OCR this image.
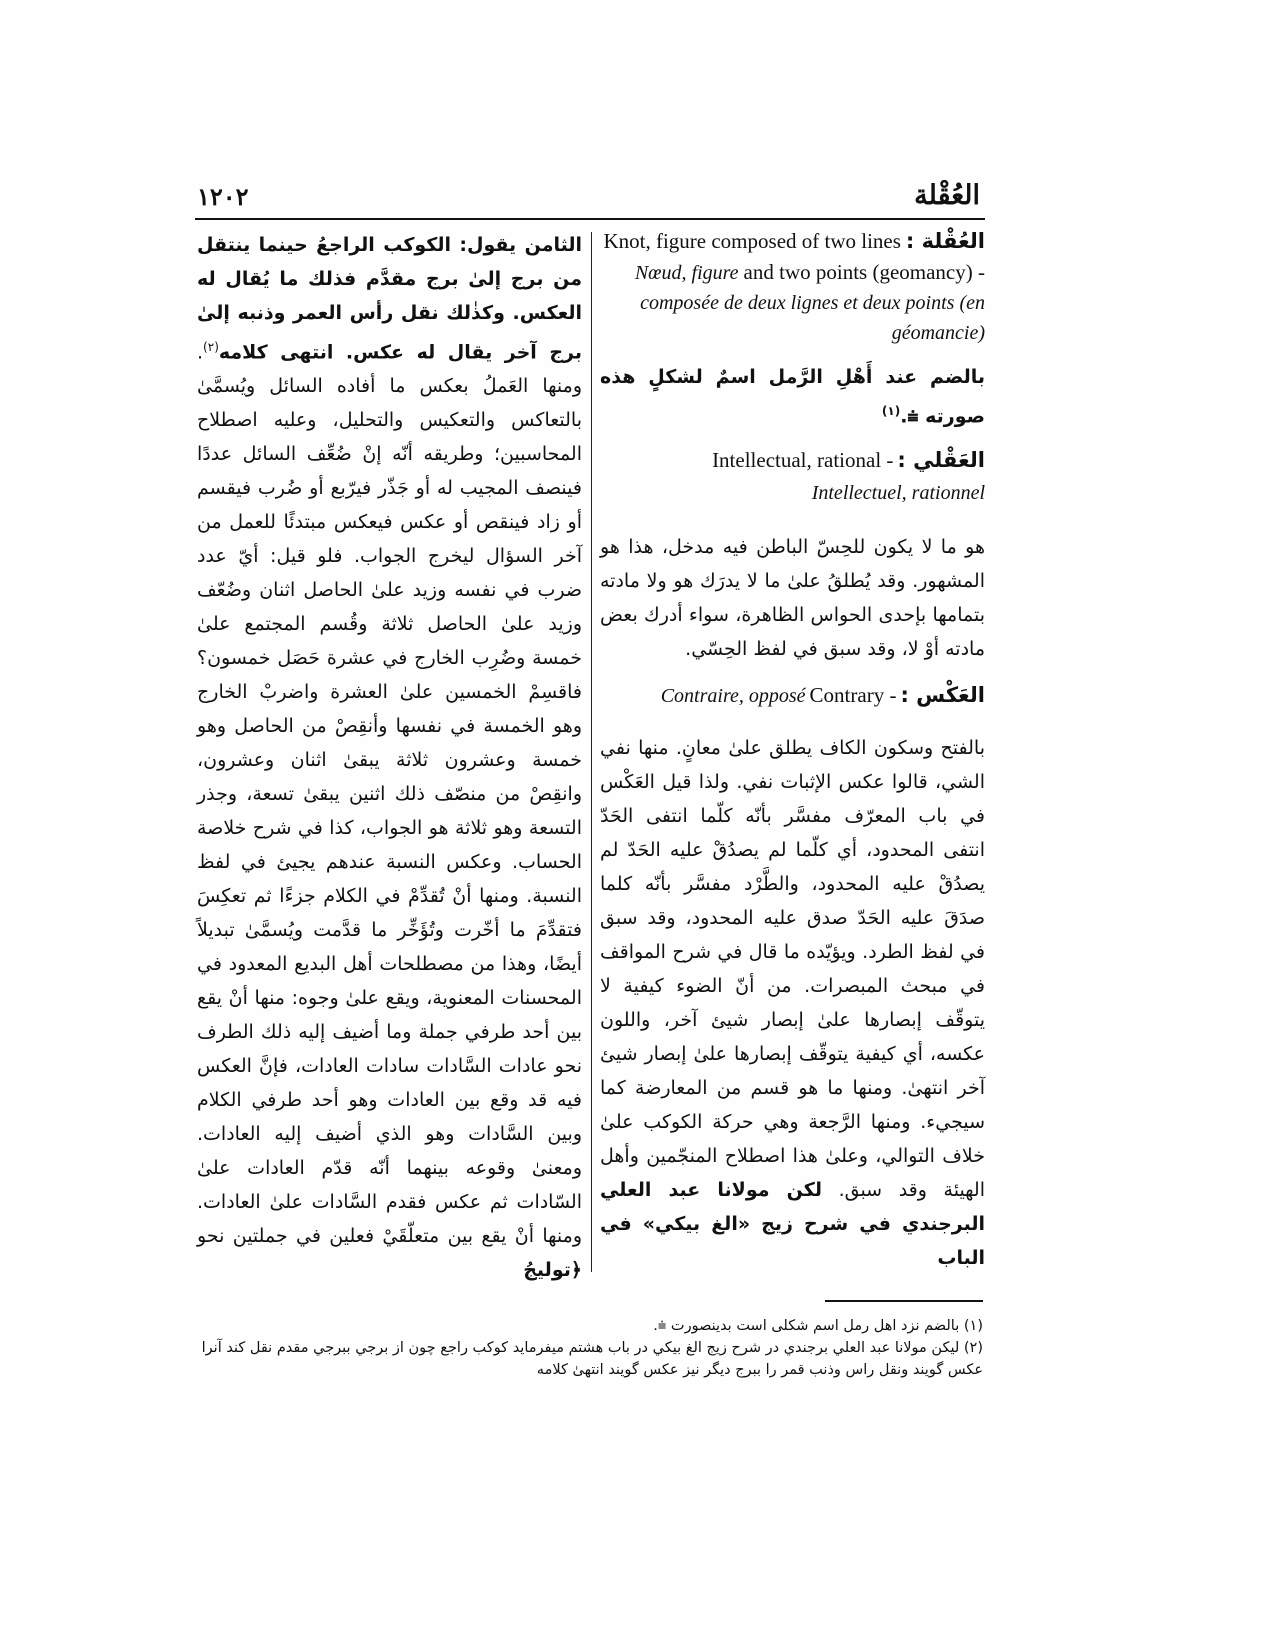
العُقْلة
١٢٠٢
العُقْلة : Knot, figure composed of two lines and two points (geomancy) - Nœud, figure composée de deux lignes et deux points (en géomancie)
بالضم عند أَهْلِ الرَّمل اسمٌ لشكلٍ هذه صورته ⩧.$^{(١)}$
العَقْلي : Intellectual, rational -
Intellectuel, rationnel
هو ما لا يكون للحِسّ الباطن فيه مدخل، هذا هو المشهور. وقد يُطلقُ علىٰ ما لا يدرَك هو ولا مادته بتمامها بإحدى الحواس الظاهرة، سواء أدرك بعض مادته أوْ لا، وقد سبق في لفظ الحِسّي.
العَكْس : Contrary - Contraire, opposé
بالفتح وسكون الكاف يطلق علىٰ معانٍ. منها نفي الشي، قالوا عكس الإثبات نفي. ولذا قيل العَكْس في باب المعرّف مفسَّر بأنّه كلّما انتفى الحَدّ انتفى المحدود، أي كلّما لم يصدُقْ عليه الحَدّ لم يصدُقْ عليه المحدود، والطَّرْد مفسَّر بأنّه كلما صدَقَ عليه الحَدّ صدق عليه المحدود، وقد سبق في لفظ الطرد. ويؤيّده ما قال في شرح المواقف في مبحث المبصرات. من أنّ الضوء كيفية لا يتوقّف إبصارها علىٰ إبصار شيئ آخر، واللون عكسه، أي كيفية يتوقّف إبصارها علىٰ إبصار شيئ آخر انتهىٰ. ومنها ما هو قسم من المعارضة كما سيجيء. ومنها الرَّجعة وهي حركة الكوكب علىٰ خلاف التوالي، وعلىٰ هذا اصطلاح المنجّمين وأهل الهيئة وقد سبق. لكن مولانا عبد العلي البرجندي في شرح زيج «الغ بيكي» في الباب
الثامن يقول: الكوكب الراجعُ حينما ينتقل من برج إلىٰ برج مقدَّم فذلك ما يُقال له العكس. وكذٰلك نقل رأس العمر وذنبه إلىٰ برج آخر يقال له عكس. انتهى كلامه$^{(٢)}$. ومنها العَملُ بعكس ما أفاده السائل ويُسمَّىٰ بالتعاكس والتعكيس والتحليل، وعليه اصطلاح المحاسبين؛ وطريقه أنّه إنْ ضُعِّف السائل عددًا فينصف المجيب له أو جَذّر فيرّبع أو ضُرب فيقسم أو زاد فينقص أو عكس فيعكس مبتدئًا للعمل من آخر السؤال ليخرج الجواب. فلو قيل: أيّ عدد ضرب في نفسه وزيد علىٰ الحاصل اثنان وضُعّف وزيد علىٰ الحاصل ثلاثة وقُسم المجتمع علىٰ خمسة وضُرِب الخارج في عشرة حَصَل خمسون؟ فاقسِمْ الخمسين علىٰ العشرة واضربْ الخارج وهو الخمسة في نفسها وأنقِصْ من الحاصل وهو خمسة وعشرون ثلاثة يبقىٰ اثنان وعشرون، وانقِصْ من منصّف ذلك اثنين يبقىٰ تسعة، وجذر التسعة وهو ثلاثة هو الجواب، كذا في شرح خلاصة الحساب. وعكس النسبة عندهم يجيئ في لفظ النسبة. ومنها أنْ تُقدِّمْ في الكلام جزءًا ثم تعكِسَ فتقدِّمَ ما أخّرت وتُؤَخِّر ما قدَّمت ويُسمَّىٰ تبديلاً أيضًا، وهذا من مصطلحات أهل البديع المعدود في المحسنات المعنوية، ويقع علىٰ وجوه: منها أنْ يقع بين أحد طرفي جملة وما أضيف إليه ذلك الطرف نحو عادات السَّادات سادات العادات، فإنَّ العكس فيه قد وقع بين العادات وهو أحد طرفي الكلام وبين السَّادات وهو الذي أضيف إليه العادات. ومعنىٰ وقوعه بينهما أنّه قدّم العادات علىٰ السّادات ثم عكس فقدم السَّادات علىٰ العادات. ومنها أنْ يقع بين متعلّقَيْ فعلين في جملتين نحو ﴿توليجُ
(١) بالضم نزد اهل رمل اسم شكلى است بدينصورت ⩧.
(٢) ليكن مولانا عبد العلي برجندي در شرح زيج الغ بيكي در باب هشتم ميفرمايد كوكب راجع چون از برجي ببرجي مقدم نقل كند آنرا عكس گويند ونقل راس وذنب قمر را ببرج ديگر نيز عكس گويند انتهىٰ كلامه
